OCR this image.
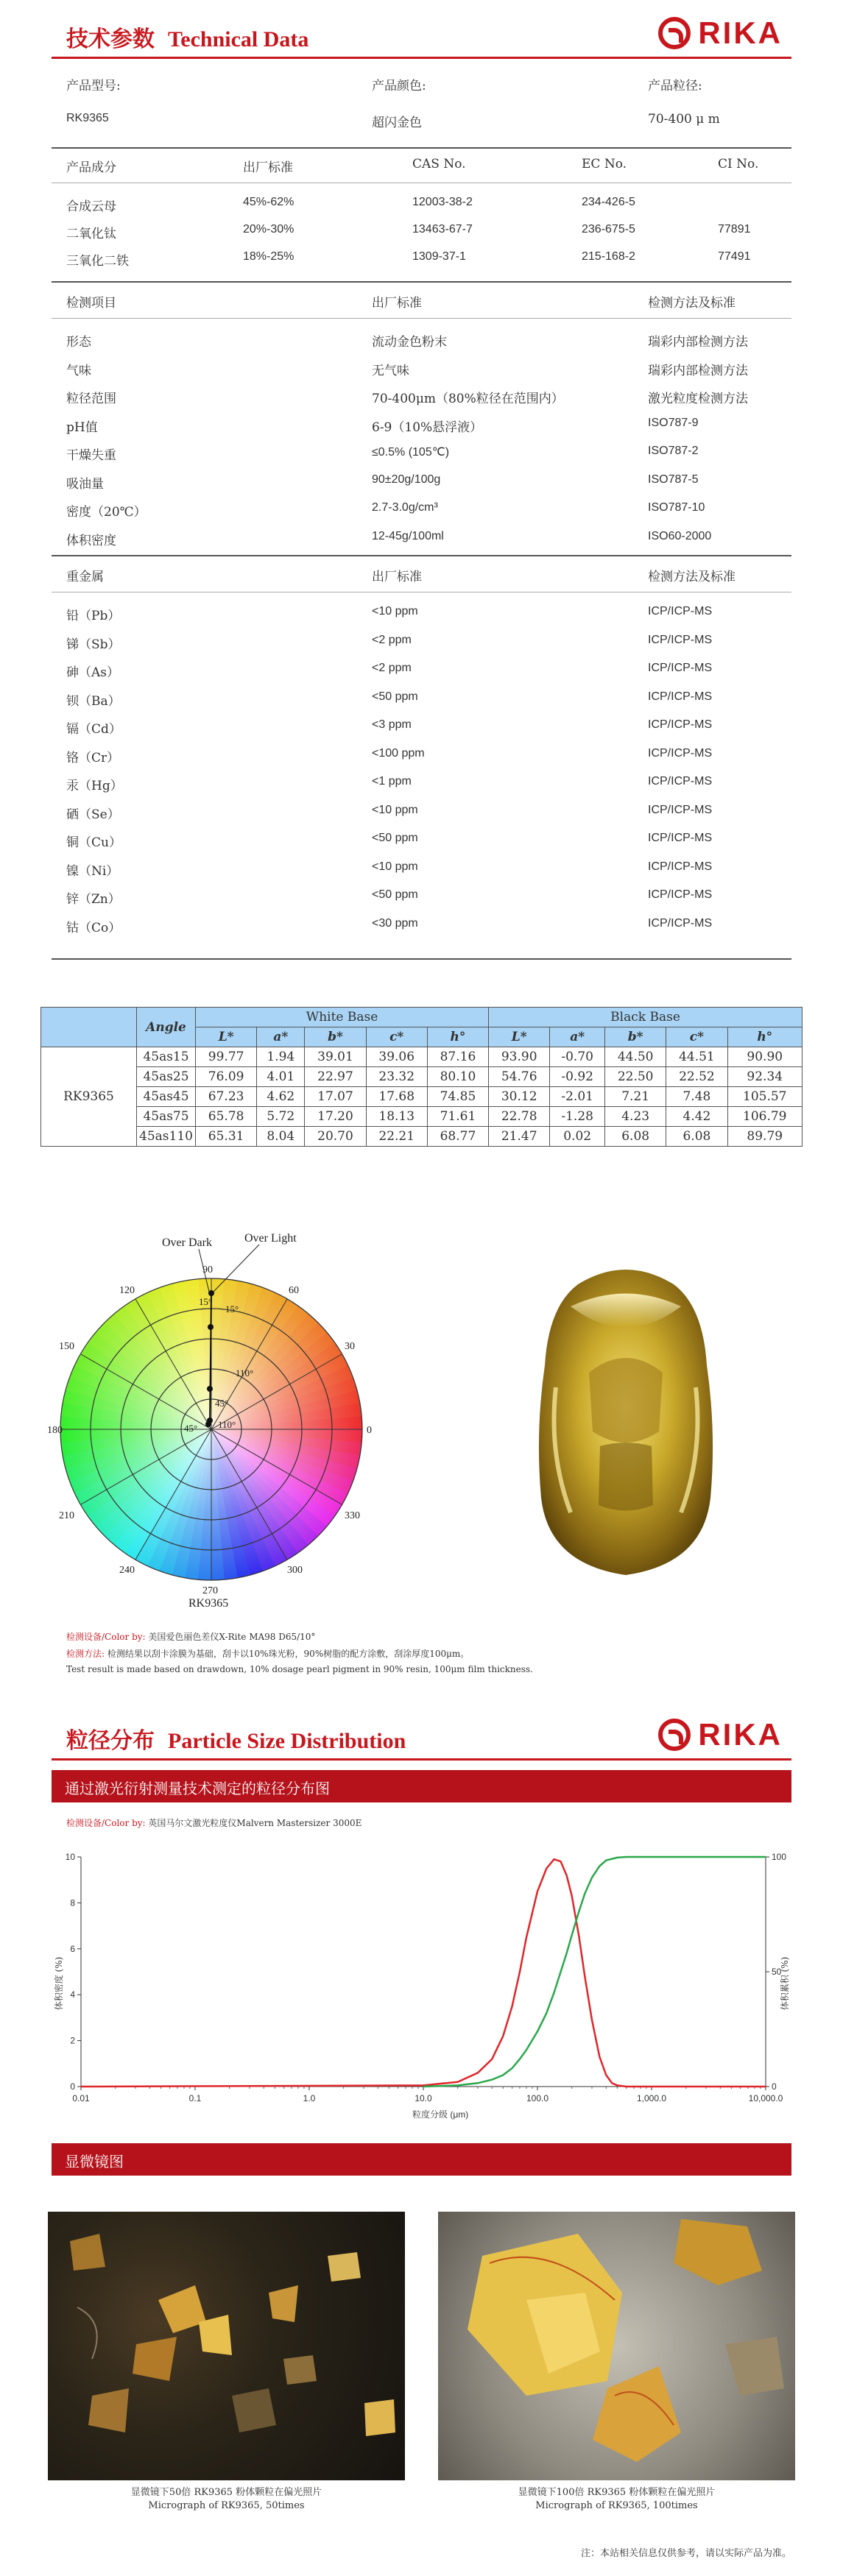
技术参数 Technical Data	RIKA
产品型号:	产品颜色:	产品粒径:
RK9365	超闪金色	70-400 μ m
产品成分	出厂标准	CAS No.	EC No.	CI No.
合成云母	45%-62%	12003-38-2	234-426-5
二氧化钛	20%-30%	13463-67-7	236-675-5	77891
三氧化二铁	18%-25%	1309-37-1	215-168-2	77491
检测项目	出厂标准	检测方法及标准
形态	流动金色粉末	瑞彩内部检测方法
气味	无气味	瑞彩内部检测方法
粒径范围	70-400μm（80%粒径在范围内）	激光粒度检测方法
pH值	6-9（10%悬浮液）	ISO787-9
干燥失重	≤0.5% (105℃)	ISO787-2
吸油量	90±20g/100g	ISO787-5
密度（20℃）	2.7-3.0g/cm³	ISO787-10
体积密度	12-45g/100ml	ISO60-2000
重金属	出厂标准	检测方法及标准
铅（Pb）	<10 ppm	ICP/ICP-MS
锑（Sb）	<2 ppm	ICP/ICP-MS
砷（As）	<2 ppm	ICP/ICP-MS
钡（Ba）	<50 ppm	ICP/ICP-MS
镉（Cd）	<3 ppm	ICP/ICP-MS
铬（Cr）	<100 ppm	ICP/ICP-MS
汞（Hg）	<1 ppm	ICP/ICP-MS
硒（Se）	<10 ppm	ICP/ICP-MS
铜（Cu）	<50 ppm	ICP/ICP-MS
镍（Ni）	<10 ppm	ICP/ICP-MS
锌（Zn）	<50 ppm	ICP/ICP-MS
钴（Co）	<30 ppm	ICP/ICP-MS
	Angle	White Base					Black Base				
		L*	a*	b*	c*	h°	L*	a*	b*	c*	h°
RK9365	45as15	99.77	1.94	39.01	39.06	87.16	93.90	-0.70	44.50	44.51	90.90
	45as25	76.09	4.01	22.97	23.32	80.10	54.76	-0.92	22.50	22.52	92.34
	45as45	67.23	4.62	17.07	17.68	74.85	30.12	-2.01	7.21	7.48	105.57
	45as75	65.78	5.72	17.20	18.13	71.61	22.78	-1.28	4.23	4.42	106.79
	45as110	65.31	8.04	20.70	22.21	68.77	21.47	0.02	6.08	6.08	89.79
90
60
30
0
330
300
270
240
210
180
150
120
15°
15°
110°
45°
45° 110°
Over Dark	Over Light
RK9365
检测设备/Color by: 美国爱色丽色差仪X-Rite MA98 D65/10°
检测方法: 检测结果以刮卡涂膜为基础，刮卡以10%珠光粉，90%树脂的配方涂敷，刮涂厚度100μm。
Test result is made based on drawdown, 10% dosage pearl pigment in 90% resin, 100μm film thickness.
粒径分布 Particle Size Distribution	RIKA
通过激光衍射测量技术测定的粒径分布图
检测设备/Color by: 英国马尔文激光粒度仪Malvern Mastersizer 3000E
0.01	0.1	1.0	10.0	100.0	1,000.0	10,000.0
0
2
4
6
8
10
0
50
100
粒度分级 (μm)
体积密度 (%)	体积累积 (%)
显微镜图
显微镜下50倍 RK9365 粉体颗粒在偏光照片
Micrograph of RK9365, 50times
显微镜下100倍 RK9365 粉体颗粒在偏光照片
Micrograph of RK9365, 100times
注：本站相关信息仅供参考，请以实际产品为准。
